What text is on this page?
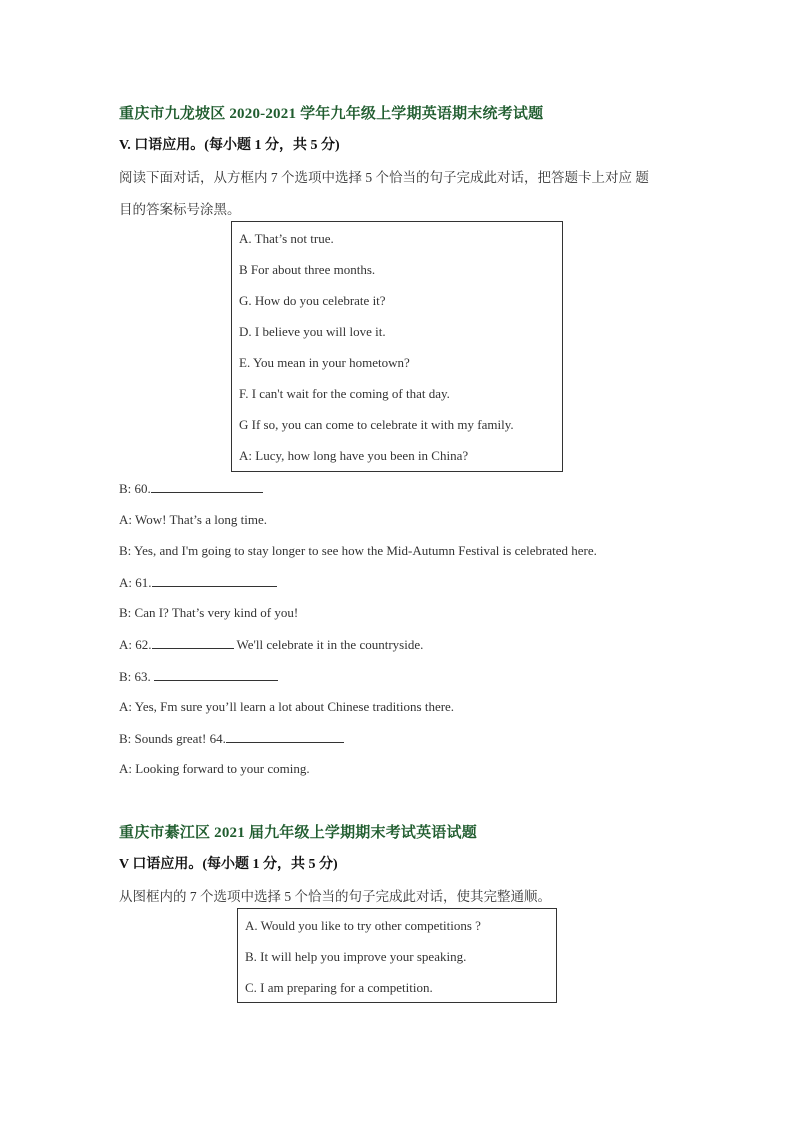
重庆市九龙坡区 2020-2021 学年九年级上学期英语期末统考试题
V. 口语应用。(每小题 1 分，共 5 分)
阅读下面对话，从方框内 7 个选项中选择 5 个恰当的句子完成此对话，把答题卡上对应 题
目的答案标号涂黑。
A. That’s not true.
B For about three months.
G. How do you celebrate it?
D. I believe you will love it.
E. You mean in your hometown?
F. I can't wait for the coming of that day.
G If so, you can come to celebrate it with my family.
A: Lucy, how long have you been in China?
B: 60.
A: Wow! That’s a long time.
B: Yes, and I'm going to stay longer to see how the Mid-Autumn Festival is celebrated here.
A: 61.
B: Can I? That’s very kind of you!
A: 62.	We'll celebrate it in the countryside.
B: 63.
A: Yes, Fm sure you’ll learn a lot about Chinese traditions there.
B: Sounds great! 64.
A: Looking forward to your coming.
重庆市綦江区 2021 届九年级上学期期末考试英语试题
V 口语应用。(每小题 1 分，共 5 分)
从图框内的 7 个选项中选择 5 个恰当的句子完成此对话，使其完整通顺。
A. Would you like to try other competitions ?
B. It will help you improve your speaking.
C. I am preparing for a competition.
